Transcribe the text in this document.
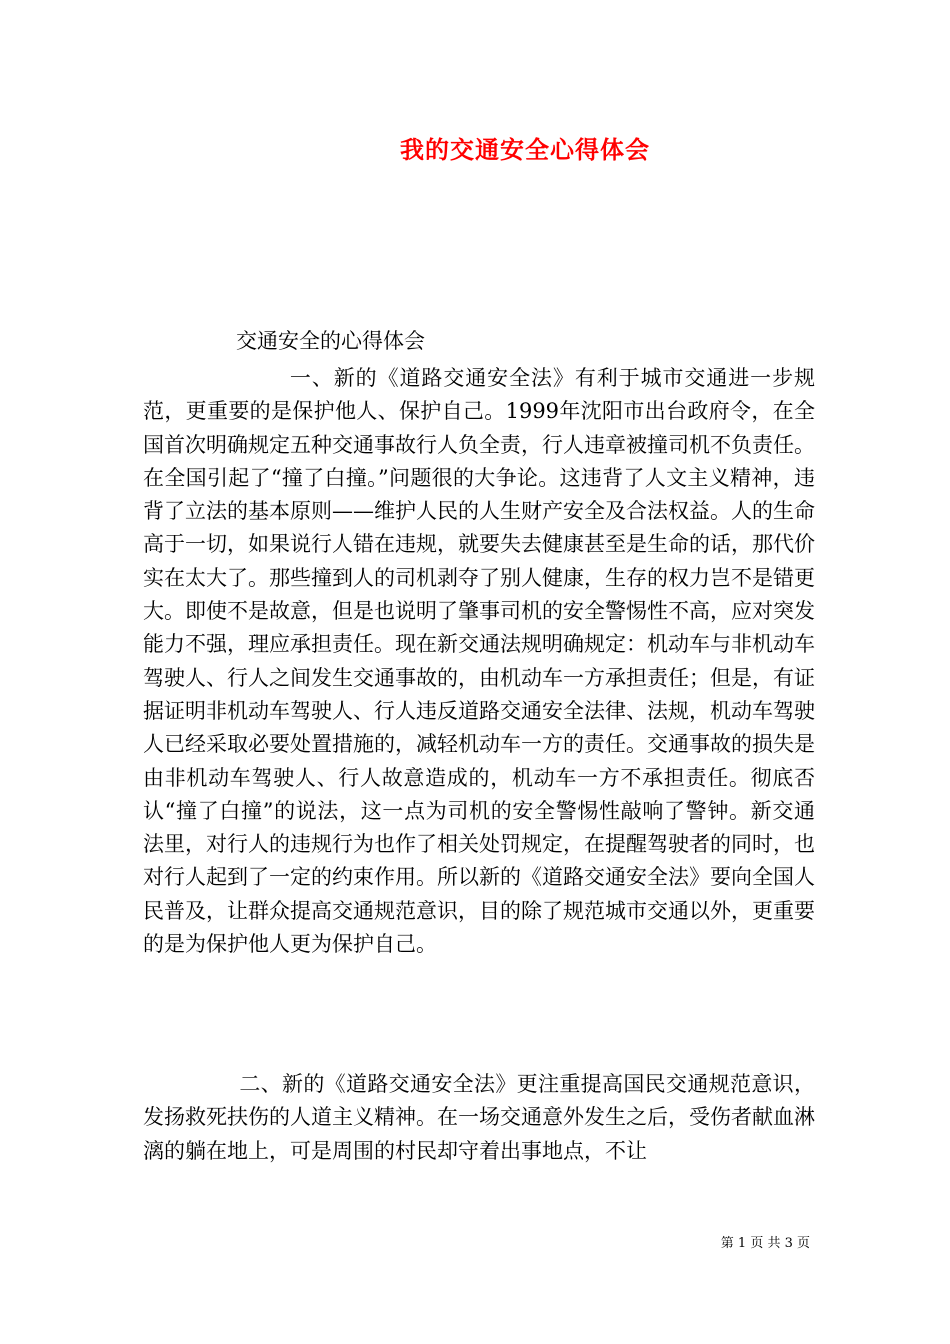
我的交通安全心得体会
交通安全的心得体会
一、新的《道路交通安全法》有利于城市交通进一步规范，更重要的是保护他人、保护自己。1999年沈阳市出台政府令，在全国首次明确规定五种交通事故行人负全责，行人违章被撞司机不负责任。在全国引起了“撞了白撞。”问题很的大争论。这违背了人文主义精神，违背了立法的基本原则——维护人民的人生财产安全及合法权益。人的生命高于一切，如果说行人错在违规，就要失去健康甚至是生命的话，那代价实在太大了。那些撞到人的司机剥夺了别人健康，生存的权力岂不是错更大。即使不是故意，但是也说明了肇事司机的安全警惕性不高，应对突发能力不强，理应承担责任。现在新交通法规明确规定：机动车与非机动车驾驶人、行人之间发生交通事故的，由机动车一方承担责任；但是，有证据证明非机动车驾驶人、行人违反道路交通安全法律、法规，机动车驾驶人已经采取必要处置措施的，减轻机动车一方的责任。交通事故的损失是由非机动车驾驶人、行人故意造成的，机动车一方不承担责任。彻底否认“撞了白撞”的说法，这一点为司机的安全警惕性敲响了警钟。新交通法里，对行人的违规行为也作了相关处罚规定，在提醒驾驶者的同时，也对行人起到了一定的约束作用。所以新的《道路交通安全法》要向全国人民普及，让群众提高交通规范意识，目的除了规范城市交通以外，更重要的是为保护他人更为保护自己。
二、新的《道路交通安全法》更注重提高国民交通规范意识，发扬救死扶伤的人道主义精神。在一场交通意外发生之后，受伤者献血淋漓的躺在地上，可是周围的村民却守着出事地点，不让
第 1 页 共 3 页
